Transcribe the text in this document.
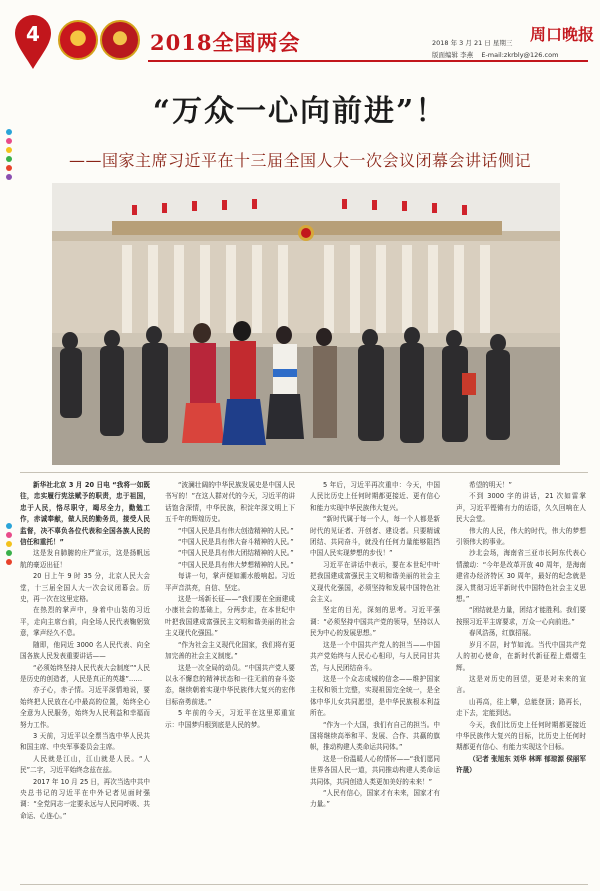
4	2018全国两会	周口晚报
2018 年 3 月 21 日 星期三
版面编辑 李燕 E-mail:zkrbly@126.com
“万众一心向前进”！
——国家主席习近平在十三届全国人大一次会议闭幕会讲话侧记

新华社北京 3 月 20 日电 “我将一如既往，忠实履行宪法赋予的职责，忠于祖国，忠于人民，恪尽职守，竭尽全力，勤勉工作，赤诚奉献，做人民的勤务员，接受人民监督，决不辜负各位代表和全国各族人民的信任和重托！”

这是发自肺腑的庄严宣示，这是扬帆远航的豪迈出征！

20 日上午 9 时 35 分，北京人民大会堂，十三届全国人大一次会议闭幕会。历史，再一次在这里定格。

在热烈的掌声中，身着中山装的习近平，走向主席台前，向全场人民代表鞠躬致意，掌声经久不息。

随即，他同近 3000 名人民代表、向全国各族人民发表重要讲话——

“必须始终坚持人民代表大会制度”“人民是历史的创造者，人民是真正的英雄”……

亦子心，赤子情。习近平深情地说，要始终把人民放在心中最高的位置，始终全心全意为人民服务，始终为人民利益和幸福而努力工作。

3 天前，习近平以全票当选中华人民共和国主席、中央军事委员会主席。

人民就是江山，江山就是人民。“人民”二字，习近平始终念兹在兹。

2017 年 10 月 25 日，再次当选中共中央总书记的习近平在中外记者见面时强调：“全党同志一定要永远与人民同呼吸、共命运、心连心。”

“波澜壮阔的中华民族发展史是中国人民书写的！”在这人群对代的今天，习近平的讲话饱含深情，中华民族，积淀年深文明上下五千年的辉煌历史。

“中国人民是具有伟大创造精神的人民。”

“中国人民是具有伟大奋斗精神的人民。”

“中国人民是具有伟大团结精神的人民。”

“中国人民是具有伟大梦想精神的人民。”

每讲一句，掌声便如潮水般响起。习近平声音洪亮，自信、坚定。

这是一场新长征——“我们要在全面建成小康社会的基础上，分两步走，在本世纪中叶把我国建成富强民主文明和谐美丽的社会主义现代化强国。”

“作为社会主义现代化国家，我们将有更加完善的社会主义制度。”

这是一次全局的动员。“中国共产党人要以永不懈怠的精神状态和一往无前的奋斗姿态，继续朝着实现中华民族伟大复兴的宏伟目标奋勇前进。”

5 年前的今天，习近平在这里郑重宣示：中国梦归根到底是人民的梦。

5 年后，习近平再次重申：今天，中国人民比历史上任何时期都更接近、更有信心和能力实现中华民族伟大复兴。

“新时代属于每一个人，每一个人都是新时代的见证者、开创者、建设者。只要精诚团结、共同奋斗，就没有任何力量能够阻挡中国人民实现梦想的步伐！”

习近平在讲话中表示，要在本世纪中叶把我国建成富强民主文明和谐美丽的社会主义现代化强国，必须坚持和发展中国特色社会主义。

坚定的目光，深刻的思考。习近平强调：“必须坚持中国共产党的领导，坚持以人民为中心的发展思想。”

这是一个中国共产党人的担当——中国共产党始终与人民心心相印，与人民同甘共苦，与人民团结奋斗。

这是一个众志成城的信念——维护国家主权和领土完整，实现祖国完全统一，是全体中华儿女共同愿望，是中华民族根本利益所在。

“作为一个大国，我们有自己的担当。中国将继续高举和平、发展、合作、共赢的旗帜，推动构建人类命运共同体。”

这是一份温暖人心的情怀——“我们愿同世界各国人民一道，共同推动构建人类命运共同体，共同创造人类更加美好的未来！”

“人民有信心，国家才有未来，国家才有力量。”

希望的明天！”

不到 3000 字的讲话，21 次如雷掌声，习近平铿锵有力的话语，久久回响在人民大会堂。

伟大的人民，伟大的时代，伟大的梦想引领伟大的事业。

沙北会场，海南省三亚市长阿东代表心情激动：“今年是改革开放 40 周年，是海南建省办经济特区 30 周年，最好的纪念就是深入贯彻习近平新时代中国特色社会主义思想。”

“团结就是力量，团结才能胜利。我们要按照习近平主席要求，万众一心向前进。”

春风浩荡，红旗招展。

岁月不居，时节如流。当代中国共产党人的初心使命，在新时代新征程上熠熠生辉。

这是对历史的回望，更是对未来的宣言。

山再高，往上攀，总能登顶；路再长，走下去，定能到达。

今天，我们比历史上任何时期都更接近中华民族伟大复兴的目标，比历史上任何时期都更有信心、有能力实现这个目标。

（记者 张旭东 刘华 林晖 郁琼源 侯丽军 许晟）
